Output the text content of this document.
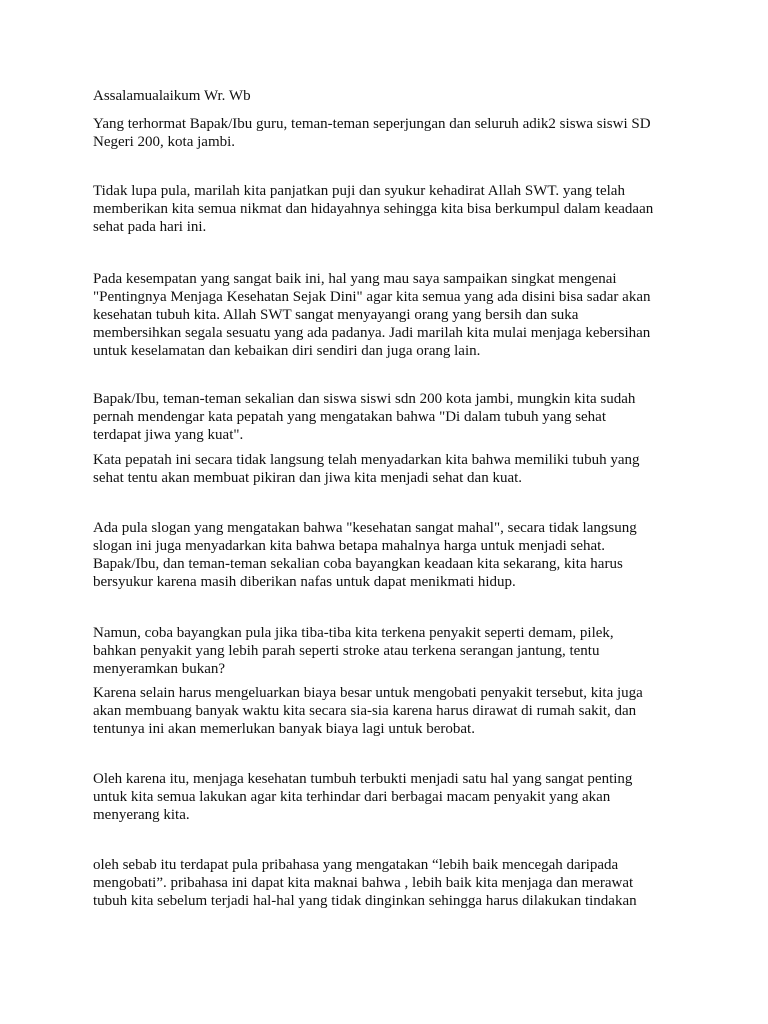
Assalamualaikum Wr. Wb

Yang terhormat Bapak/Ibu guru, teman-teman seperjungan dan seluruh adik2 siswa siswi SD
Negeri 200, kota jambi.

Tidak lupa pula, marilah kita panjatkan puji dan syukur kehadirat Allah SWT. yang telah
memberikan kita semua nikmat dan hidayahnya sehingga kita bisa berkumpul dalam keadaan
sehat pada hari ini.

Pada kesempatan yang sangat baik ini, hal yang mau saya sampaikan singkat mengenai
"Pentingnya Menjaga Kesehatan Sejak Dini" agar kita semua yang ada disini bisa sadar akan
kesehatan tubuh kita. Allah SWT sangat menyayangi orang yang bersih dan suka
membersihkan segala sesuatu yang ada padanya. Jadi marilah kita mulai menjaga kebersihan
untuk keselamatan dan kebaikan diri sendiri dan juga orang lain.

Bapak/Ibu, teman-teman sekalian dan siswa siswi sdn 200 kota jambi, mungkin kita sudah
pernah mendengar kata pepatah yang mengatakan bahwa "Di dalam tubuh yang sehat
terdapat jiwa yang kuat".

Kata pepatah ini secara tidak langsung telah menyadarkan kita bahwa memiliki tubuh yang
sehat tentu akan membuat pikiran dan jiwa kita menjadi sehat dan kuat.

Ada pula slogan yang mengatakan bahwa "kesehatan sangat mahal", secara tidak langsung
slogan ini juga menyadarkan kita bahwa betapa mahalnya harga untuk menjadi sehat.
Bapak/Ibu, dan teman-teman sekalian coba bayangkan keadaan kita sekarang, kita harus
bersyukur karena masih diberikan nafas untuk dapat menikmati hidup.

Namun, coba bayangkan pula jika tiba-tiba kita terkena penyakit seperti demam, pilek,
bahkan penyakit yang lebih parah seperti stroke atau terkena serangan jantung, tentu
menyeramkan bukan?

Karena selain harus mengeluarkan biaya besar untuk mengobati penyakit tersebut, kita juga
akan membuang banyak waktu kita secara sia-sia karena harus dirawat di rumah sakit, dan
tentunya ini akan memerlukan banyak biaya lagi untuk berobat.

Oleh karena itu, menjaga kesehatan tumbuh terbukti menjadi satu hal yang sangat penting
untuk kita semua lakukan agar kita terhindar dari berbagai macam penyakit yang akan
menyerang kita.

oleh sebab itu terdapat pula pribahasa yang mengatakan “lebih baik mencegah daripada
mengobati”. pribahasa ini dapat kita maknai bahwa , lebih baik kita menjaga dan merawat
tubuh kita sebelum terjadi hal-hal yang tidak dinginkan sehingga harus dilakukan tindakan
